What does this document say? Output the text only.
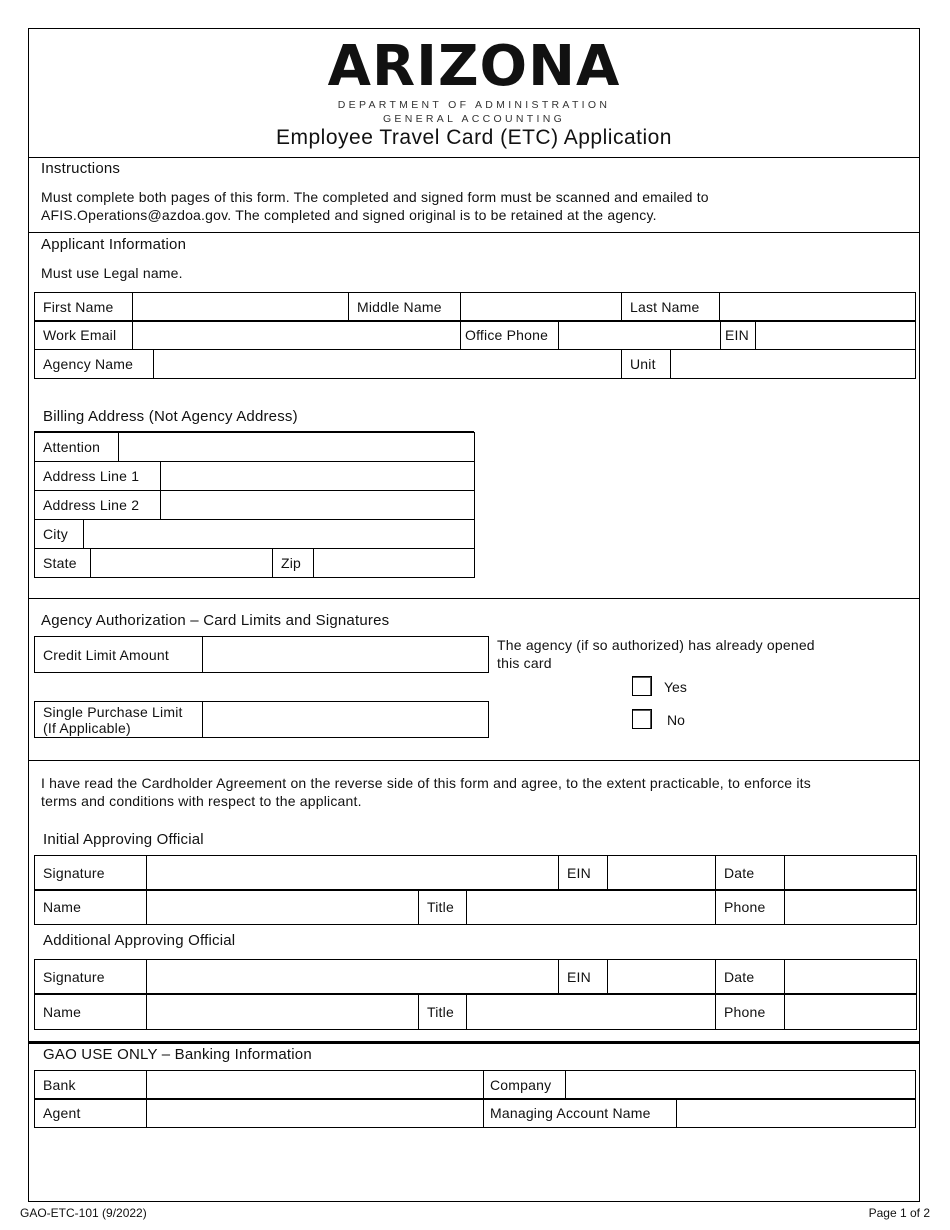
ARIZONA
DEPARTMENT OF ADMINISTRATION
GENERAL ACCOUNTING
Employee Travel Card (ETC) Application
Instructions
Must complete both pages of this form. The completed and signed form must be scanned and emailed to
AFIS.Operations@azdoa.gov. The completed and signed original is to be retained at the agency.
Applicant Information
Must use Legal name.
First Name		Middle Name		Last Name	
Work Email		Office Phone		EIN	
Agency Name		Unit	
Billing Address (Not Agency Address)
Attention	
Address Line 1	
Address Line 2	
City	
State		Zip	
Agency Authorization – Card Limits and Signatures
Credit Limit Amount	
Single Purchase Limit
(If Applicable)

The agency (if so authorized) has already opened
this card
Yes
No
I have read the Cardholder Agreement on the reverse side of this form and agree, to the extent practicable, to enforce its
terms and conditions with respect to the applicant.
Initial Approving Official
Signature		EIN		Date	
Name		Title		Phone	
Additional Approving Official
Signature		EIN		Date	
Name		Title		Phone	
GAO USE ONLY – Banking Information
Bank		Company	
Agent		Managing Account Name	
GAO-ETC-101 (9/2022)	Page 1 of 2
